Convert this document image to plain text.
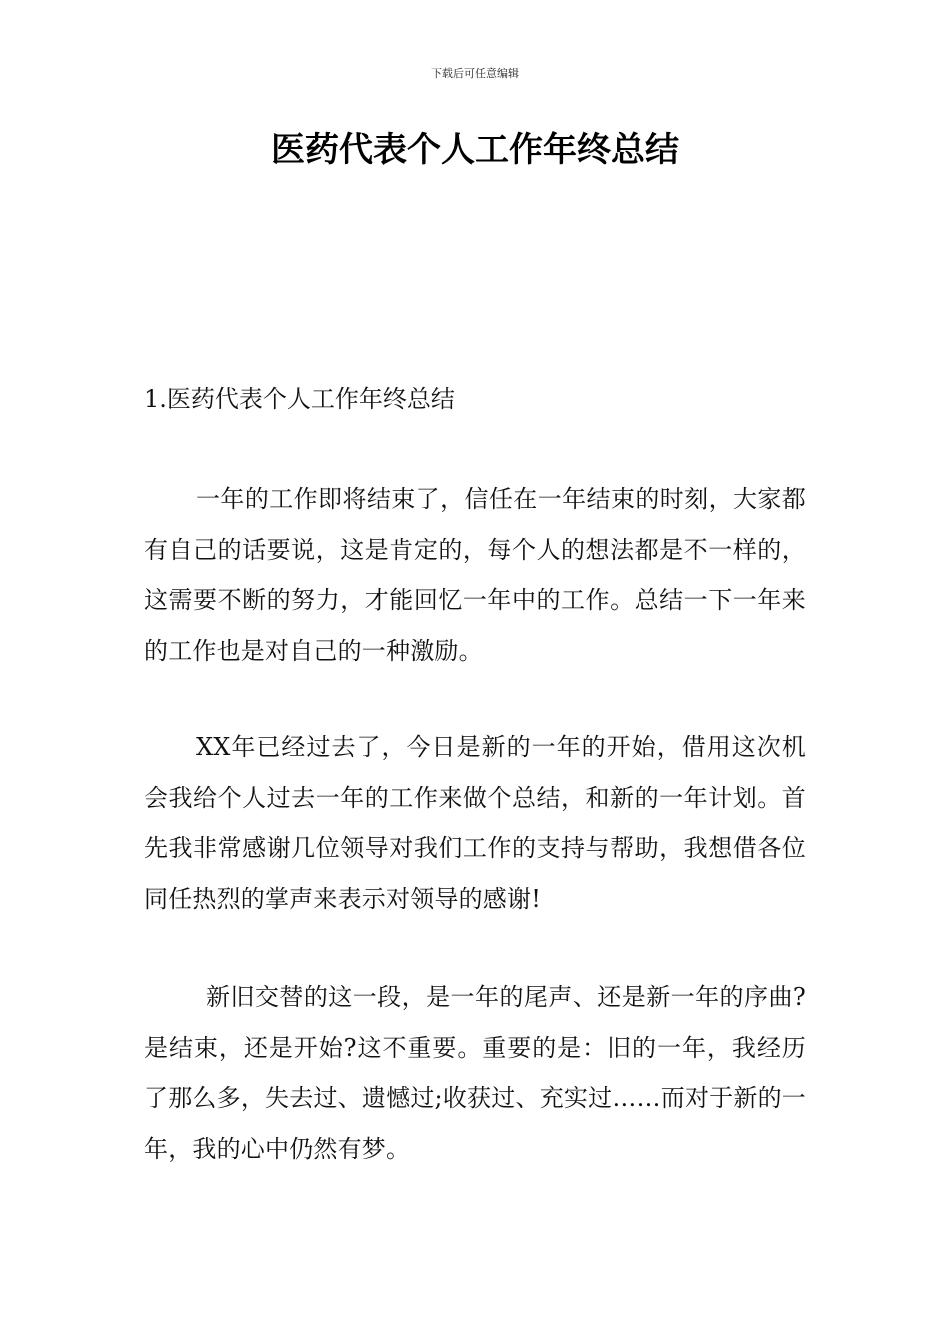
下载后可任意编辑
医药代表个人工作年终总结
1.医药代表个人工作年终总结

一年的工作即将结束了，信任在一年结束的时刻，大家都有自己的话要说，这是肯定的，每个人的想法都是不一样的，这需要不断的努力，才能回忆一年中的工作。总结一下一年来的工作也是对自己的一种激励。

XX年已经过去了，今日是新的一年的开始，借用这次机会我给个人过去一年的工作来做个总结，和新的一年计划。首先我非常感谢几位领导对我们工作的支持与帮助，我想借各位同任热烈的掌声来表示对领导的感谢!

新旧交替的这一段，是一年的尾声、还是新一年的序曲?是结束，还是开始?这不重要。重要的是：旧的一年，我经历了那么多，失去过、遗憾过;收获过、充实过……而对于新的一年，我的心中仍然有梦。
